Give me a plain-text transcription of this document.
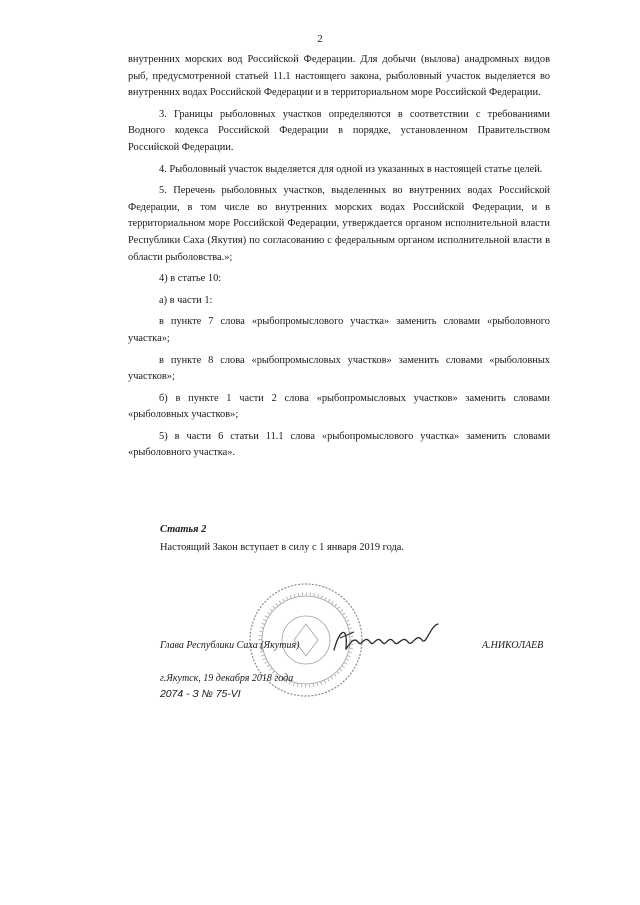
2

внутренних морских вод Российской Федерации. Для добычи (вылова) анадромных видов рыб, предусмотренной статьей 11.1 настоящего закона, рыболовный участок выделяется во внутренних водах Российской Федерации и в территориальном море Российской Федерации.

3. Границы рыболовных участков определяются в соответствии с требованиями Водного кодекса Российской Федерации в порядке, установленном Правительством Российской Федерации.

4. Рыболовный участок выделяется для одной из указанных в настоящей статье целей.

5. Перечень рыболовных участков, выделенных во внутренних водах Российской Федерации, в том числе во внутренних морских водах Российской Федерации, и в территориальном море Российской Федерации, утверждается органом исполнительной власти Республики Саха (Якутия) по согласованию с федеральным органом исполнительной власти в области рыболовства.»;

4) в статье 10:

а) в части 1:

в пункте 7 слова «рыбопромыслового участка» заменить словами «рыболовного участка»;

в пункте 8 слова «рыбопромысловых участков» заменить словами «рыболовных участков»;

б) в пункте 1 части 2 слова «рыбопромысловых участков» заменить словами «рыболовных участков»;

5) в части 6 статьи 11.1 слова «рыбопромыслового участка» заменить словами «рыболовного участка».

Статья 2
Настоящий Закон вступает в силу с 1 января 2019 года.
Глава Республики Саха (Якутия)	А.НИКОЛАЕВ
г.Якутск, 19 декабря 2018 года
2074 - З № 75-VI
